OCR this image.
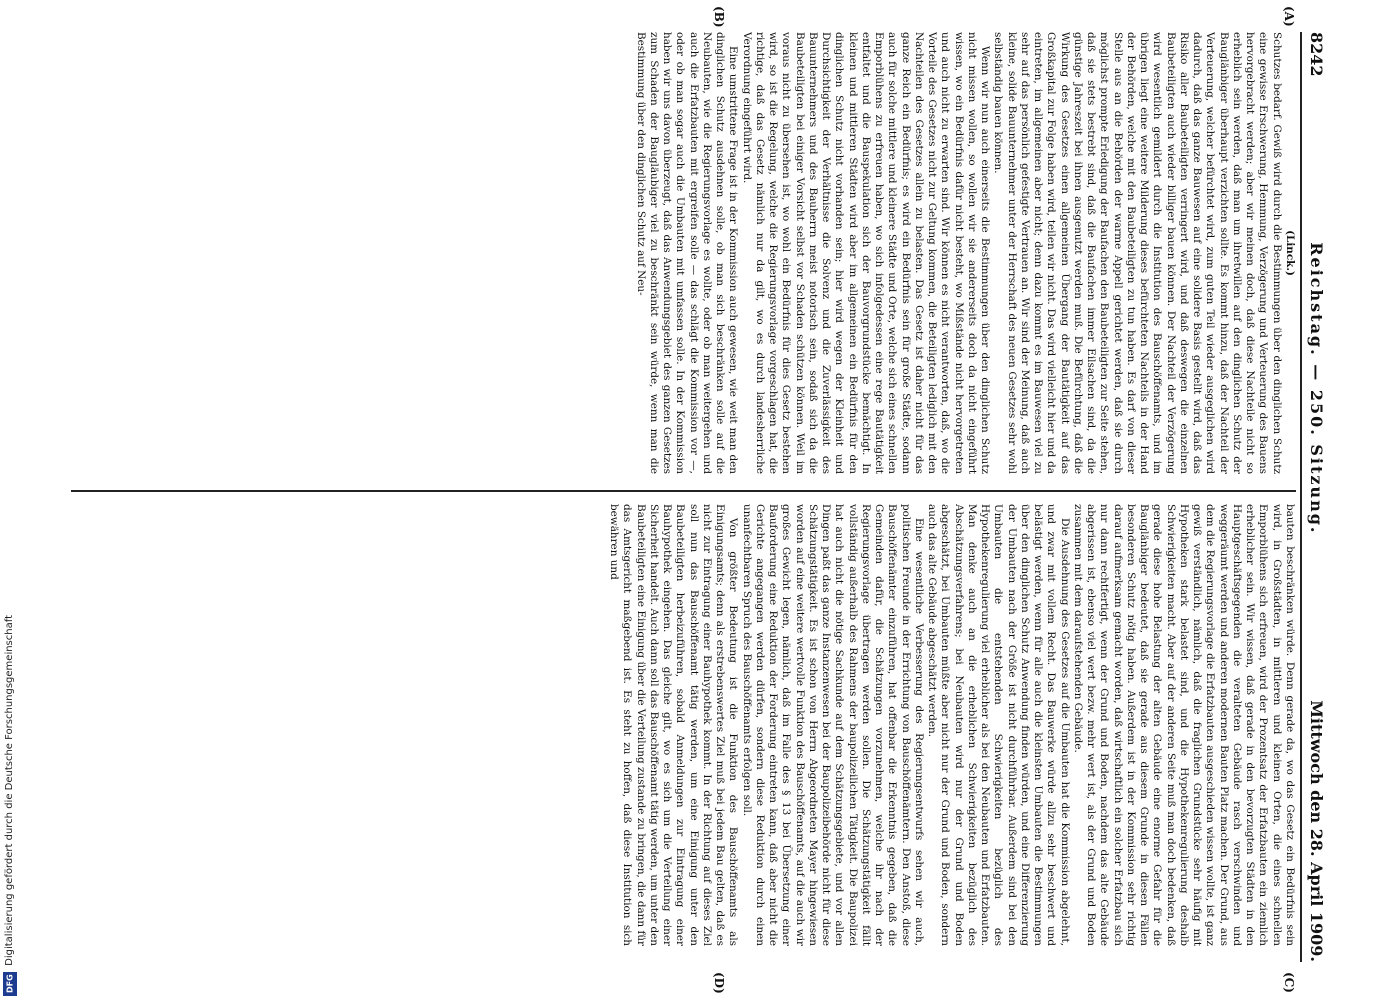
8242
Reichstag. — 250. Sitzung.
Mittwoch den 28. April 1909.
(A)
(B)
(C)
(D)

(Linck.)

Schutzes bedarf. Gewiß wird durch die Bestimmungen über den dinglichen Schutz eine gewisse Erschwerung, Hemmung, Verzögerung und Verteuerung des Bauens hervorgebracht werden; aber wir meinen doch, daß diese Nachteile nicht so erheblich sein werden, daß man um ihretwillen auf den dinglichen Schutz der Bauglänbiger überhaupt verzichten sollte. Es kommt hinzu, daß der Nachteil der Verteuerung, welcher befürchtet wird, zum guten Teil wieder ausgeglichen wird dadurch, daß das ganze Bauwesen auf eine solidere Basis gestellt wird, daß das Risiko aller Baubeteiligten verringert wird, und daß deswegen die einzelnen Baubeteiligten auch wieder billiger bauen können. Der Nachteil der Verzögerung wird wesentlich gemildert durch die Institution des Bauschöffenamts, und im übrigen liegt eine weitere Milderung dieses befürchteten Nachteils in der Hand der Behörden, welche mit den Baubeteiligten zu tun haben. Es darf von dieser Stelle aus an die Behörden der warme Appell gerichtet werden, daß sie durch möglichst prompte Erledigung der Baufachen den Baubeteiligten zur Seite stehen, daß sie stets bestrebt sind, daß die Baufachen immer Eilsachen sind, da die günstige Jahreszeit bei ihnen ausgenutzt werden muß. Die Befürchtung, daß die Wirkung des Gesetzes einen allgemeinen Übergang der Bautätigkeit auf das Großkapital zur Folge haben wird, teilen wir nicht. Das wird vielleicht hier und da eintreten, im allgemeinen aber nicht; denn dazu kommt es im Bauwesen viel zu sehr auf das persönlich gefestigte Vertrauen an. Wir sind der Meinung, daß auch kleine, solide Bauunternehmer unter der Herrschaft des neuen Gesetzes sehr wohl selbständig bauen können.

Wenn wir nun auch einerseits die Bestimmungen über den dinglichen Schutz nicht missen wollen, so wollen wir sie andererseits doch da nicht eingeführt wissen, wo ein Bedürfnis dafür nicht besteht, wo Mißstände nicht hervorgetreten und auch nicht zu erwarten sind. Wir können es nicht verantworten, daß, wo die Vorteile des Gesetzes nicht zur Geltung kommen, die Beteiligten lediglich mit den Nachteilen des Gesetzes allein zu belasten. Das Gesetz ist daher nicht für das ganze Reich ein Bedürfnis; es wird ein Bedürfnis sein für große Städte, sodann auch für solche mittlere und kleinere Städte und Orte, welche sich eines schnellen Emporblühens zu erfreuen haben, wo sich infolgedessen eine rege Bautätigkeit entfaltet und die Bauspekulation sich der Bauvorgrundstücke bemächtigt. In kleinen und mittleren Städten wird aber im allgemeinen ein Bedürfnis für den dinglichen Schutz nicht vorhanden sein; hier wird wegen der Kleinheit und Durchsichtigkeit der Verhältnisse die Solvenz und die Zuverlässigkeit des Bauunternehmers und des Bauherrn meist notorisch sein, sodaß sich da die Baubeteiligten bei einiger Vorsicht selbst vor Schaden schützen können. Weil im voraus nicht zu übersehen ist, wo wohl ein Bedürfnis für dies Gesetz bestehen wird, so ist die Regelung, welche die Regierungsvorlage vorgeschlagen hat, die richtige, daß das Gesetz nämlich nur da gilt, wo es durch landesherrliche Verordnung eingeführt wird.

Eine umstrittene Frage ist in der Kommission auch gewesen, wie weit man den dinglichen Schutz ausdehnen solle, ob man sich beschränken solle auf die Neubauten, wie die Regierungsvorlage es wollte, oder ob man weitergehen und auch die Erfatzbauten mit ergreifen solle — das schlägt die Kommission vor —, oder ob man sogar auch die Umbauten mit umfassen solle. In der Kommission haben wir uns davon überzeugt, daß das Anwendungsgebiet des ganzen Gesetzes zum Schaden der Baugläubiger viel zu beschränkt sein würde, wenn man die Bestimmung über den dinglichen Schutz auf Neu-

bauten beschränken würde. Denn gerade da, wo das Gesetz ein Bedürfnis sein wird, in Großstädten, in mittleren und kleinen Orten, die eines schnellen Emporblühens sich erfreuen, wird der Prozentsatz der Erfatzbauten ein ziemlich erheblicher sein. Wir wissen, daß gerade in den bevorzugten Städten in den Hauptgeschäftsgegenden die veralteten Gebäude rasch verschwinden und weggeräumt werden und anderen modernen Bauten Platz machen. Der Grund, aus dem die Regierungsvorlage die Erfatzbauten ausgeschieden wissen wollte, ist ganz gewiß verständlich, nämlich, daß die fraglichen Grundstücke sehr häufig mit Hypotheken stark belastet sind, und die Hypothekenregulierung deshalb Schwierigkeiten macht. Aber auf der anderen Seite muß man doch bedenken, daß gerade diese hohe Belastung der alten Gebäude eine enorme Gefahr für die Bauglänbiger bedeutet, daß sie gerade aus diesem Grunde in diesen Fällen besonderen Schutz nötig haben. Außerdem ist in der Kommission sehr richtig darauf aufmerksam gemacht worden, daß wirtschaftlich ein solcher Erfatzbau sich nur dann rechtfertigt, wenn der Grund und Boden, nachdem das alte Gebäude abgerissen ist, ebenso viel wert bezw. mehr wert ist, als der Grund und Boden zusammen mit dem daraufstehenden Gebäude.

Die Ausdehnung des Gesetzes auf die Umbauten hat die Kommission abgelehnt, und zwar mit vollem Recht. Das Bauwerke würde allzu sehr beschwert und belästigt werden, wenn für alle auch die kleinsten Umbauten die Bestimmungen über den dinglichen Schutz Anwendung finden würden, und eine Differenzierung der Umbauten nach der Größe ist nicht durchführbar. Außerdem sind bei den Umbauten die entstehenden Schwierigkeiten bezüglich des Hypothekenregulierung viel erheblicher als bei den Neubauten und Erfatzbauten. Man denke auch an die erheblichen Schwierigkeiten bezüglich des Abschätzungsverfahrens; bei Neubauten wird nur der Grund und Boden abgeschätzt, bei Umbauten müßte aber nicht nur der Grund und Boden, sondern auch das alte Gebäude abgeschätzt werden.

Eine wesentliche Verbesserung des Regierungsentwurfs sehen wir auch, politischen Freunde in der Errichtung von Bauschöffenämtern. Den Anstoß, diese Bauschöffenämter einzuführen, hat offenbar die Erkenntnis gegeben, daß die Gemeinden dafür, die Schätzungen vorzunehmen, welche ihr nach der Regierungsvorlage übertragen werden sollen. Die Schätzungstätigkeit fällt vollständig außerhalb des Rahmens der baupolizeilichen Tätigkeit. Die Baupolizei hat auch nicht die nötige Sachkunde auf dem Schätzungsgebiete, und vor allen Dingen paßt das ganze Instanzenwesen bei der Baupolizeibehörde nicht für diese Schätzungstätigkeit. Es ist schon von Herrn Abgeordneten Mayer hingewiesen worden auf eine weitere wertvolle Funktion des Bauschöffenamts, auf die auch wir großes Gewicht legen, nämlich, daß im Falle des § 13 bei Übersetzung einer Bauforderung eine Reduktion der Forderung eintreten kann, daß aber nicht die Gerichte angegangen werden dürfen, sondern diese Reduktion durch einen unanfechtbaren Spruch des Bauschöffenamts erfolgen soll.

Von größter Bedeutung ist die Funktion des Bauschöffenamts als Einigungsamts; denn als erstrebenswertes Ziel muß bei jedem Bau gelten, daß es nicht zur Eintragung einer Bauhypothek kommt. In der Richtung auf dieses Ziel soll nun das Bauschöffenamt tätig werden, um eine Einigung unter den Baubeteiligten herbeizuführen, sobald Anmeldungen zur Eintragung einer Bauhypothek eingehen. Das gleiche gilt, wo es sich um die Verteilung einer Sicherheit handelt. Auch dann soll das Bauschöffenamt tätig werden, um unter den Baubeteiligten eine Einigung über die Verteilung zustande zu bringen, die dann für das Amtsgericht maßgebend ist. Es steht zu hoffen, daß diese Institution sich bewähren und

Digitalisierung gefördert durch die Deutsche Forschungsgemeinschaft
DFG
